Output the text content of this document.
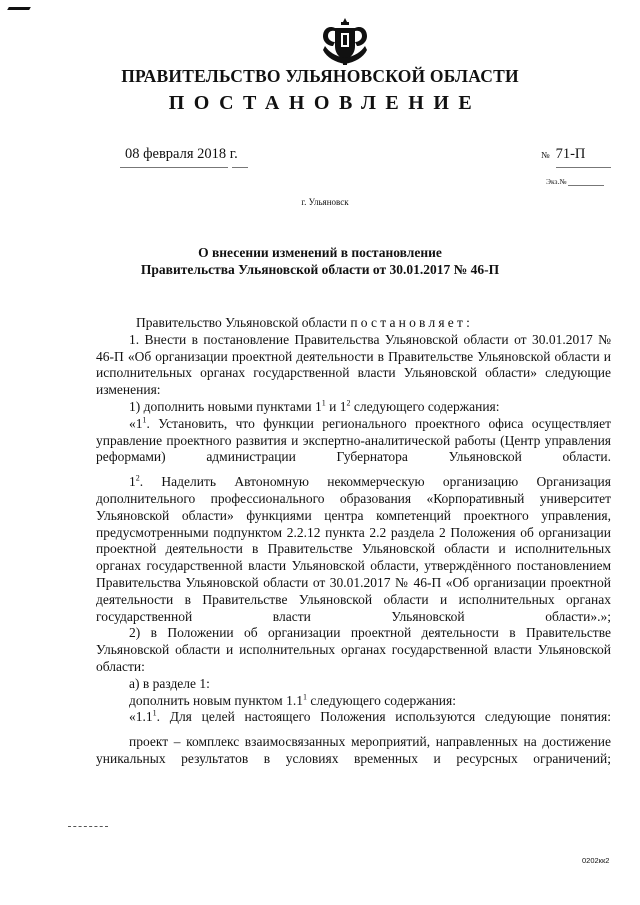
ПРАВИТЕЛЬСТВО УЛЬЯНОВСКОЙ ОБЛАСТИ
ПОСТАНОВЛЕНИЕ
08 февраля 2018 г.	№ 71-П
Экз.№
г. Ульяновск
О внесении изменений в постановление
Правительства Ульяновской области от 30.01.2017 № 46-П

Правительство Ульяновской области постановляет:

1. Внести в постановление Правительства Ульяновской области от 30.01.2017 № 46-П «Об организации проектной деятельности в Правительстве Ульяновской области и исполнительных органах государственной власти Ульяновской области» следующие изменения:

1) дополнить новыми пунктами $1^1$ и $1^2$ следующего содержания:

«$1^1$. Установить, что функции регионального проектного офиса осуществляет управление проектного развития и экспертно-аналитической работы (Центр управления реформами) администрации Губернатора Ульяновской области.

$1^2$. Наделить Автономную некоммерческую организацию Организация дополнительного профессионального образования «Корпоративный университет Ульяновской области» функциями центра компетенций проектного управления, предусмотренными подпунктом 2.2.12 пункта 2.2 раздела 2 Положения об организации проектной деятельности в Правительстве Ульяновской области и исполнительных органах государственной власти Ульяновской области, утверждённого постановлением Правительства Ульяновской области от 30.01.2017 № 46-П «Об организации проектной деятельности в Правительстве Ульяновской области и исполнительных органах государственной власти Ульяновской области».»;

2) в Положении об организации проектной деятельности в Правительстве Ульяновской области и исполнительных органах государственной власти Ульяновской области:

а) в разделе 1:

дополнить новым пунктом $1.1^1$ следующего содержания:

«$1.1^1$. Для целей настоящего Положения используются следующие понятия:

проект – комплекс взаимосвязанных мероприятий, направленных на достижение уникальных результатов в условиях временных и ресурсных ограничений;

0202кк2
